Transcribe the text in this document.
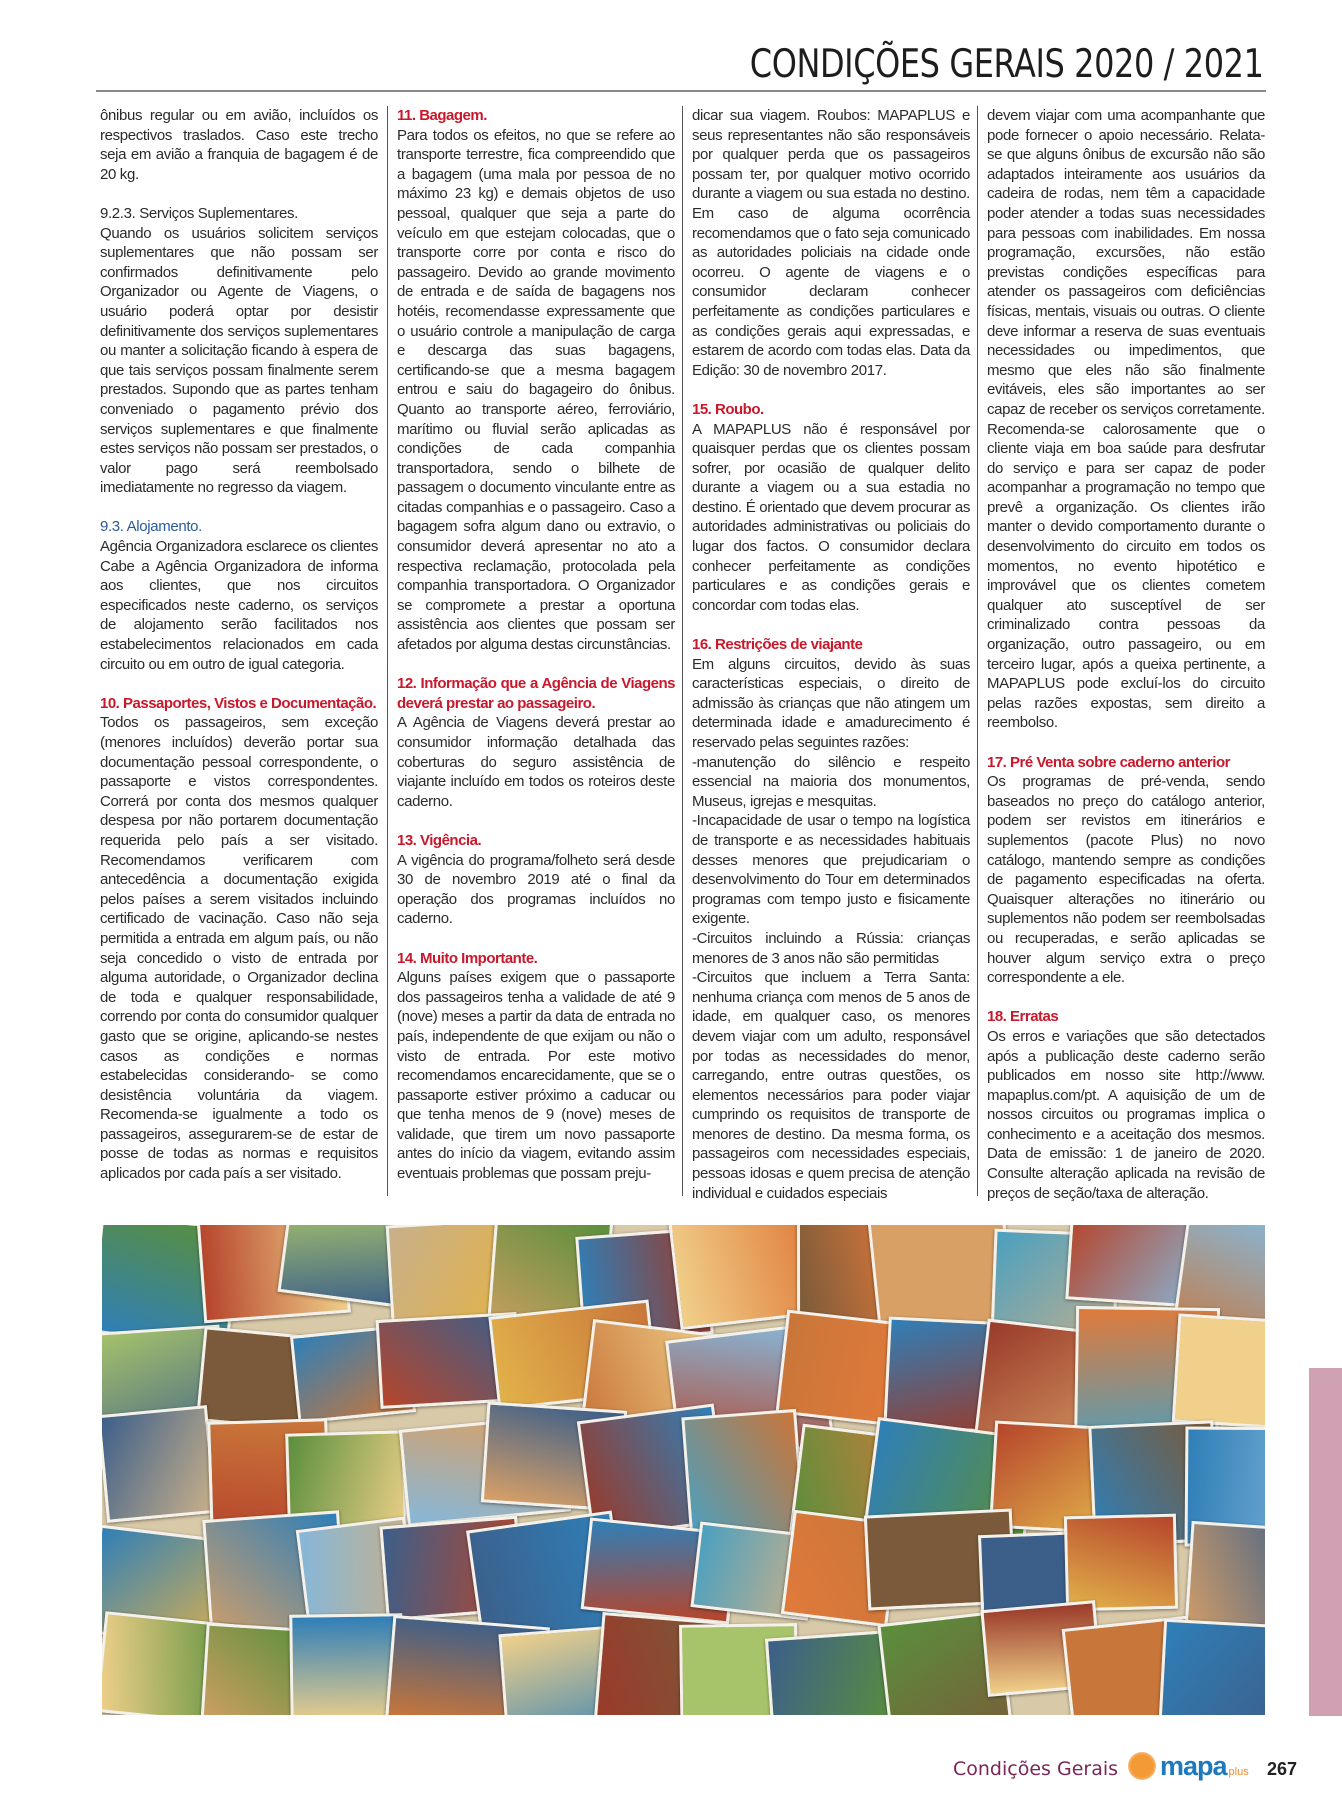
CONDIÇÕES GERAIS 2020 / 2021

ônibus regular ou em avião, incluídos os respectivos traslados. Caso este trecho seja em avião a franquia de bagagem é de 20 kg.

9.2.3. Serviços Suplementares.

Quando os usuários solicitem serviços suplementares que não possam ser confirmados definitivamente pelo Organizador ou Agente de Viagens, o usuário poderá optar por desistir definitivamente dos serviços suplementares ou manter a solicitação ficando à espera de que tais serviços possam finalmente serem prestados. Supondo que as partes tenham conveniado o pagamento prévio dos serviços suplementares e que finalmente estes serviços não possam ser prestados, o valor pago será reembolsado imediatamente no regresso da viagem.

9.3. Alojamento.

Agência Organizadora esclarece os clientes Cabe a Agência Organizadora de informa aos clientes, que nos circuitos especificados neste caderno, os serviços de alojamento serão facilitados nos estabelecimentos relacionados em cada circuito ou em outro de igual categoria.

10. Passaportes, Vistos e Documentação.

Todos os passageiros, sem exceção (menores incluídos) deverão portar sua documentação pessoal correspondente, o passaporte e vistos correspondentes. Correrá por conta dos mesmos qualquer despesa por não portarem documentação requerida pelo país a ser visitado. Recomendamos verificarem com antecedência a documentação exigida pelos países a serem visitados incluindo certificado de vacinação. Caso não seja permitida a entrada em algum país, ou não seja concedido o visto de entrada por alguma autoridade, o Organizador declina de toda e qualquer responsabilidade, correndo por conta do consumidor qualquer gasto que se origine, aplicando-se nestes casos as condições e normas estabelecidas considerando- se como desistência voluntária da viagem. Recomenda-se igualmente a todo os passageiros, assegurarem-se de estar de posse de todas as normas e requisitos aplicados por cada país a ser visitado.

11. Bagagem.

Para todos os efeitos, no que se refere ao transporte terrestre, fica compreendido que a bagagem (uma mala por pessoa de no máximo 23 kg) e demais objetos de uso pessoal, qualquer que seja a parte do veículo em que estejam colocadas, que o transporte corre por conta e risco do passageiro. Devido ao grande movimento de entrada e de saída de bagagens nos hotéis, recomendasse expressamente que o usuário controle a manipulação de carga e descarga das suas bagagens, certificando-se que a mesma bagagem entrou e saiu do bagageiro do ônibus. Quanto ao transporte aéreo, ferroviário, marítimo ou fluvial serão aplicadas as condições de cada companhia transportadora, sendo o bilhete de passagem o documento vinculante entre as citadas companhias e o passageiro. Caso a bagagem sofra algum dano ou extravio, o consumidor deverá apresentar no ato a respectiva reclamação, protocolada pela companhia transportadora. O Organizador se compromete a prestar a oportuna assistência aos clientes que possam ser afetados por alguma destas circunstâncias.

12. Informação que a Agência de Viagens deverá prestar ao passageiro.

A Agência de Viagens deverá prestar ao consumidor informação detalhada das coberturas do seguro assistência de viajante incluído em todos os roteiros deste caderno.

13. Vigência.

A vigência do programa/folheto será desde 30 de novembro 2019 até o final da operação dos programas incluídos no caderno.

14. Muito Importante.

Alguns países exigem que o passaporte dos passageiros tenha a validade de até 9 (nove) meses a partir da data de entrada no país, independente de que exijam ou não o visto de entrada. Por este motivo recomendamos encarecidamente, que se o passaporte estiver próximo a caducar ou que tenha menos de 9 (nove) meses de validade, que tirem um novo passaporte antes do início da viagem, evitando assim eventuais problemas que possam preju-

dicar sua viagem. Roubos: MAPAPLUS e seus representantes não são responsáveis por qualquer perda que os passageiros possam ter, por qualquer motivo ocorrido durante a viagem ou sua estada no destino. Em caso de alguma ocorrência recomendamos que o fato seja comunicado as autoridades policiais na cidade onde ocorreu. O agente de viagens e o consumidor declaram conhecer perfeitamente as condições particulares e as condições gerais aqui expressadas, e estarem de acordo com todas elas. Data da Edição: 30 de novembro 2017.

15. Roubo.

A MAPAPLUS não é responsável por quaisquer perdas que os clientes possam sofrer, por ocasião de qualquer delito durante a viagem ou a sua estadia no destino. É orientado que devem procurar as autoridades administrativas ou policiais do lugar dos factos. O consumidor declara conhecer perfeitamente as condições particulares e as condições gerais e concordar com todas elas.

16. Restrições de viajante

Em alguns circuitos, devido às suas características especiais, o direito de admissão às crianças que não atingem um determinada idade e amadurecimento é reservado pelas seguintes razões:

-manutenção do silêncio e respeito essencial na maioria dos monumentos, Museus, igrejas e mesquitas.

-Incapacidade de usar o tempo na logística de transporte e as necessidades habituais desses menores que prejudicariam o desenvolvimento do Tour em determinados programas com tempo justo e fisicamente exigente.

-Circuitos incluindo a Rússia: crianças menores de 3 anos não são permitidas

-Circuitos que incluem a Terra Santa: nenhuma criança com menos de 5 anos de idade, em qualquer caso, os menores devem viajar com um adulto, responsável por todas as necessidades do menor, carregando, entre outras questões, os elementos necessários para poder viajar cumprindo os requisitos de transporte de menores de destino. Da mesma forma, os passageiros com necessidades especiais, pessoas idosas e quem precisa de atenção individual e cuidados especiais

devem viajar com uma acompanhante que pode fornecer o apoio necessário. Relata-se que alguns ônibus de excursão não são adaptados inteiramente aos usuários da cadeira de rodas, nem têm a capacidade poder atender a todas suas necessidades para pessoas com inabilidades. Em nossa programação, excursões, não estão previstas condições específicas para atender os passageiros com deficiências físicas, mentais, visuais ou outras. O cliente deve informar a reserva de suas eventuais necessidades ou impedimentos, que mesmo que eles não são finalmente evitáveis, eles são importantes ao ser capaz de receber os serviços corretamente. Recomenda-se calorosamente que o cliente viaja em boa saúde para desfrutar do serviço e para ser capaz de poder acompanhar a programação no tempo que prevê a organização. Os clientes irão manter o devido comportamento durante o desenvolvimento do circuito em todos os momentos, no evento hipotético e improvável que os clientes cometem qualquer ato susceptível de ser criminalizado contra pessoas da organização, outro passageiro, ou em terceiro lugar, após a queixa pertinente, a MAPAPLUS pode excluí-los do circuito pelas razões expostas, sem direito a reembolso.

17. Pré Venta sobre caderno anterior

Os programas de pré-venda, sendo baseados no preço do catálogo anterior, podem ser revistos em itinerários e suplementos (pacote Plus) no novo catálogo, mantendo sempre as condições de pagamento especificadas na oferta. Quaisquer alterações no itinerário ou suplementos não podem ser reembolsadas ou recuperadas, e serão aplicadas se houver algum serviço extra o preço correspondente a ele.

18. Erratas

Os erros e variações que são detectados após a publicação deste caderno serão publicados em nosso site http://www. mapaplus.com/pt. A aquisição de um de nossos circuitos ou programas implica o conhecimento e a aceitação dos mesmos. Data de emissão: 1 de janeiro de 2020. Consulte alteração aplicada na revisão de preços de seção/taxa de alteração.

Condições Gerais mapa plus 267
